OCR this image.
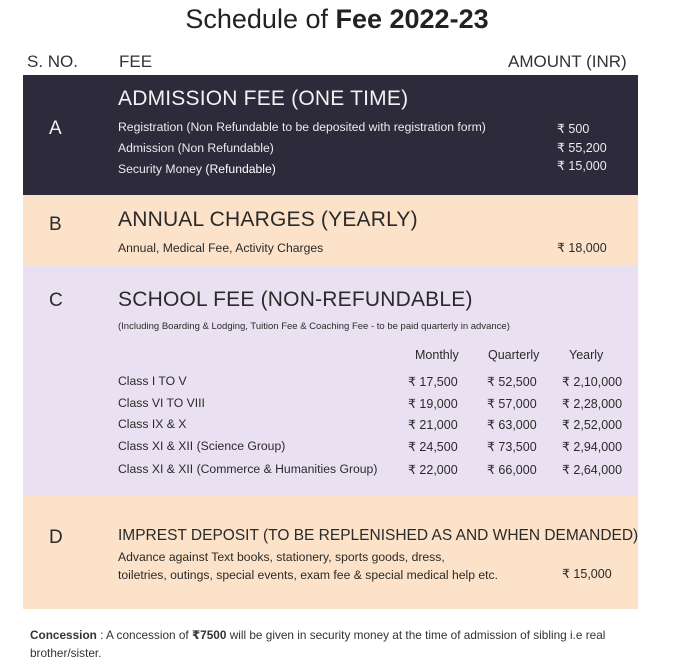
Schedule of Fee 2022-23
S. NO. FEE	AMOUNT (INR)
A
ADMISSION FEE (ONE TIME)
Registration (Non Refundable to be deposited with registration form)	₹ 500
Admission (Non Refundable)	₹ 55,200
Security Money (Refundable)	₹ 15,000
B	ANNUAL CHARGES (YEARLY)
Annual, Medical Fee, Activity Charges	₹ 18,000
C	SCHOOL FEE (NON-REFUNDABLE)
(Including Boarding & Lodging, Tuition Fee & Coaching Fee - to be paid quarterly in advance)
Monthly Quarterly Yearly
Class I TO V	₹ 17,500 ₹ 52,500 ₹ 2,10,000
Class VI TO VIII	₹ 19,000 ₹ 57,000 ₹ 2,28,000
Class IX & X	₹ 21,000 ₹ 63,000 ₹ 2,52,000
Class XI & XII (Science Group)	₹ 24,500 ₹ 73,500 ₹ 2,94,000
Class XI & XII (Commerce & Humanities Group) ₹ 22,000 ₹ 66,000 ₹ 2,64,000
D	IMPREST DEPOSIT (TO BE REPLENISHED AS AND WHEN DEMANDED)
Advance against Text books, stationery, sports goods, dress,
toiletries, outings, special events, exam fee & special medical help etc.	₹ 15,000
Concession : A concession of ₹7500 will be given in security money at the time of admission of sibling i.e real brother/sister.
